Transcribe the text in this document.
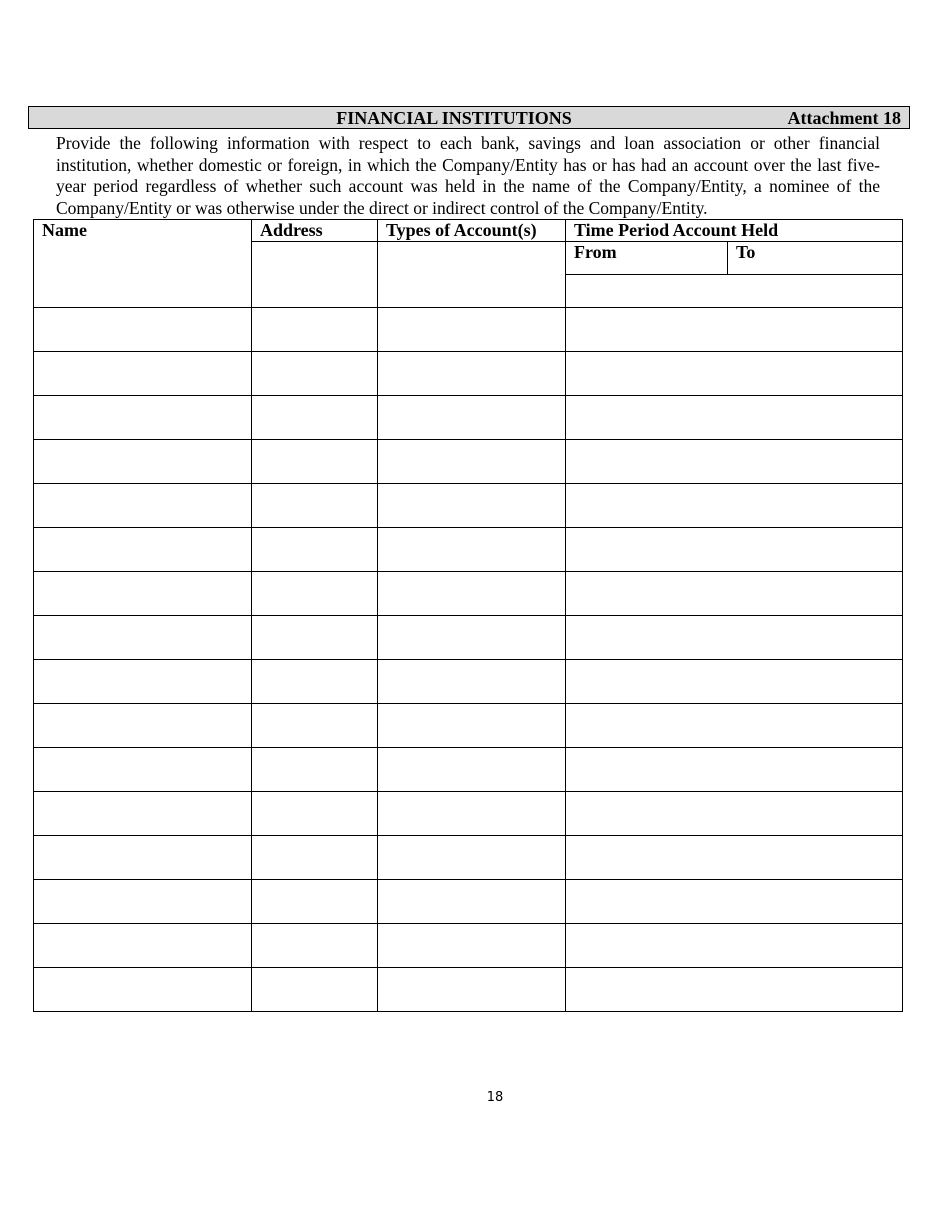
FINANCIAL INSTITUTIONS	Attachment 18
Provide the following information with respect to each bank, savings and loan association or other financial institution, whether domestic or foreign, in which the Company/Entity has or has had an account over the last five-year period regardless of whether such account was held in the name of the Company/Entity, a nominee of the Company/Entity or was otherwise under the direct or indirect control of the Company/Entity.
Name	Address	Types of Account(s)	Time Period Account Held	
			From	To

18
